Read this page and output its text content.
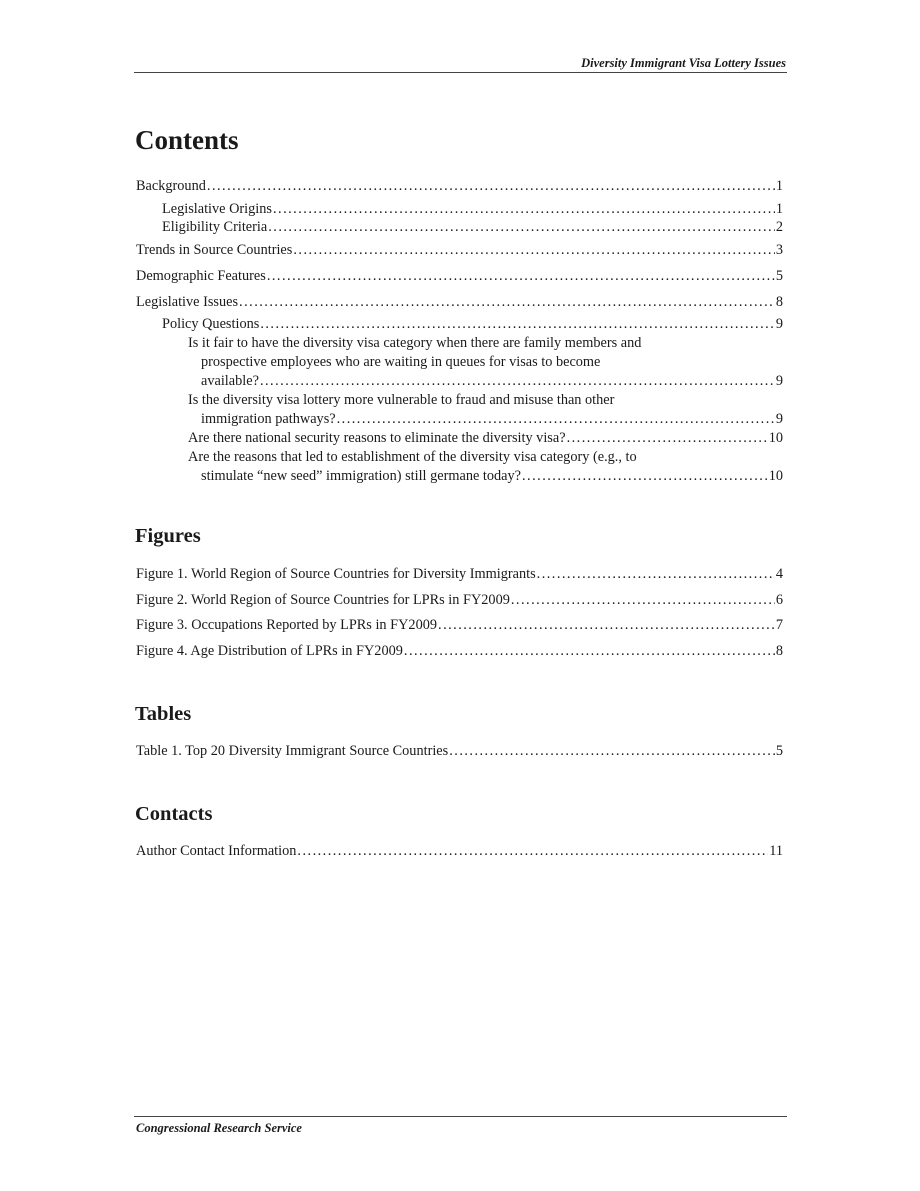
Diversity Immigrant Visa Lottery Issues
Contents
Background . . .	1
Legislative Origins . . .	1
Eligibility Criteria . . .	2
Trends in Source Countries . . .	3
Demographic Features . . .	5
Legislative Issues . . .	8
Policy Questions . . .	9
Is it fair to have the diversity visa category when there are family members and
prospective employees who are waiting in queues for visas to become
available? . . .	9
Is the diversity visa lottery more vulnerable to fraud and misuse than other
immigration pathways? . . .	9
Are there national security reasons to eliminate the diversity visa? . . .	10
Are the reasons that led to establishment of the diversity visa category (e.g., to
stimulate “new seed” immigration) still germane today? . . .	10
Figures
Figure 1. World Region of Source Countries for Diversity Immigrants . . .	4
Figure 2. World Region of Source Countries for LPRs in FY2009 . . .	6
Figure 3. Occupations Reported by LPRs in FY2009 . . .	7
Figure 4. Age Distribution of LPRs in FY2009 . . .	8
Tables
Table 1. Top 20 Diversity Immigrant Source Countries . . .	5
Contacts
Author Contact Information . . .	11
Congressional Research Service
